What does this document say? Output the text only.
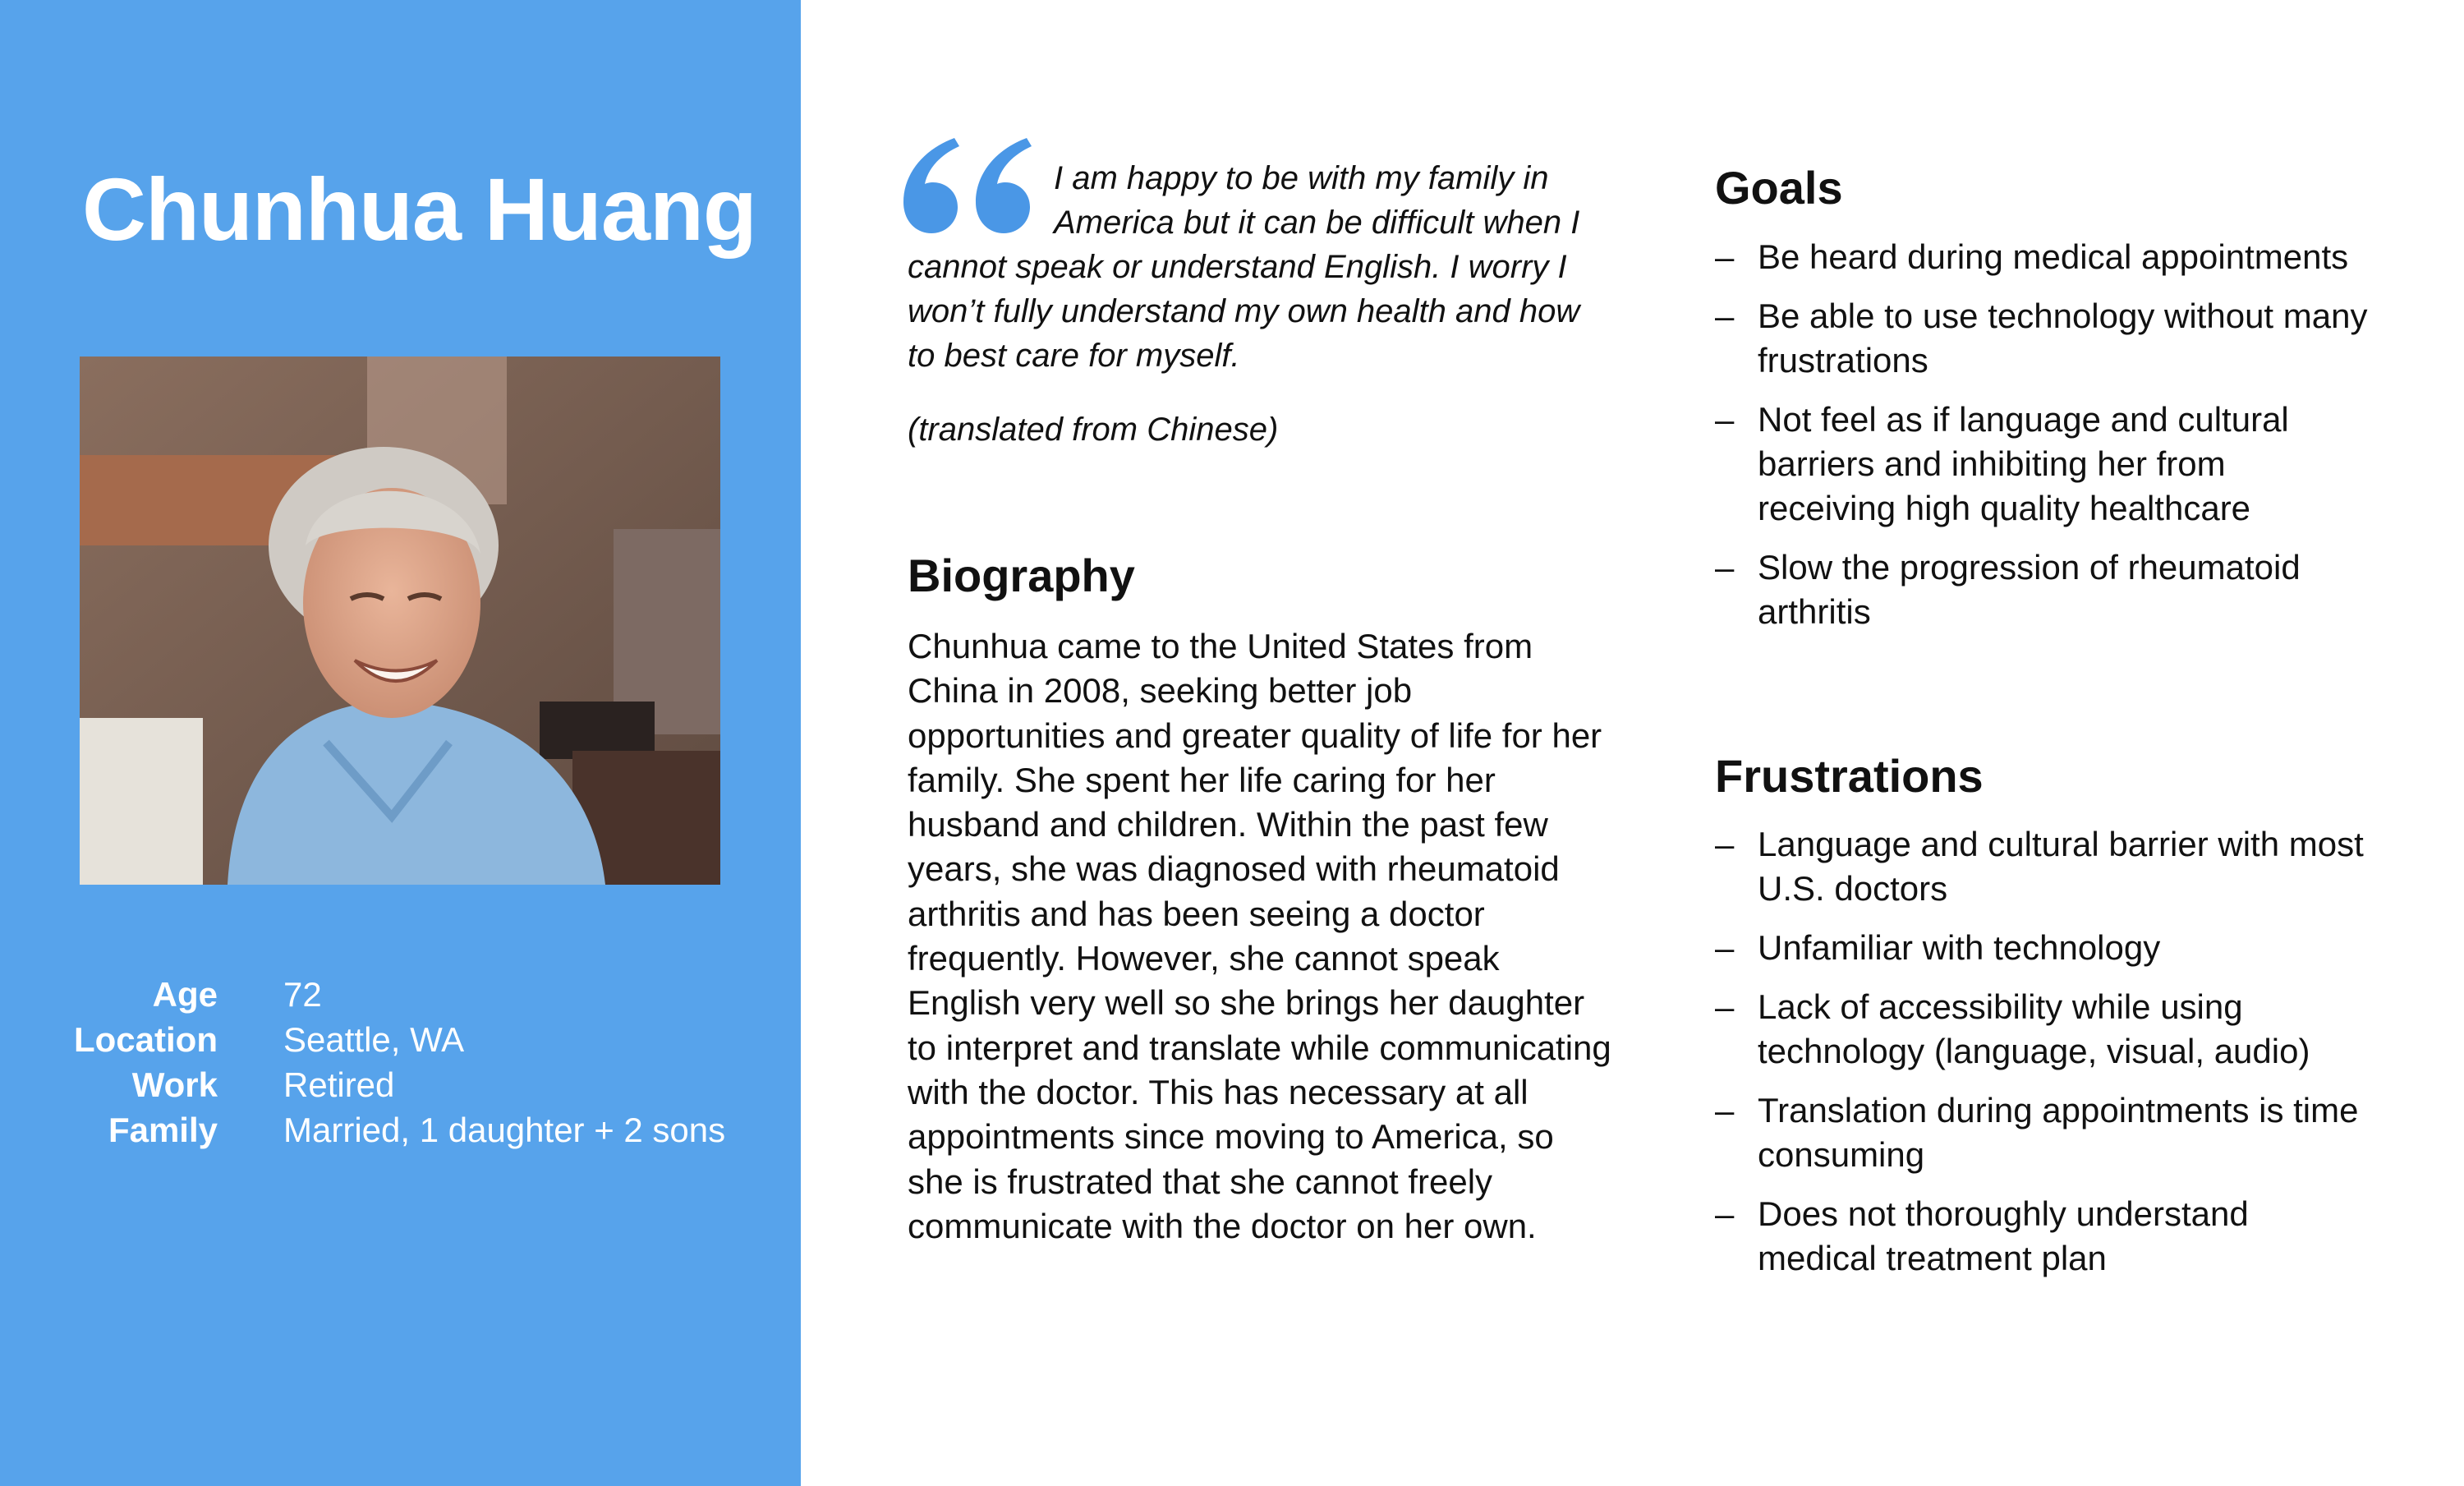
Chunhua Huang
Age 72
Location Seattle, WA
Work Retired
Family Married, 1 daughter + 2 sons

I am happy to be with my family in America but it can be difficult when I cannot speak or understand English. I worry I won’t fully understand my own health and how to best care for myself.

(translated from Chinese)

Biography

Chunhua came to the United States from China in 2008, seeking better job opportunities and greater quality of life for her family. She spent her life caring for her husband and children. Within the past few years, she was diagnosed with rheumatoid arthritis and has been seeing a doctor frequently. However, she cannot speak English very well so she brings her daughter to interpret and translate while communicating with the doctor. This has necessary at all appointments since moving to America, so she is frustrated that she cannot freely communicate with the doctor on her own.

Goals
– Be heard during medical appointments
– Be able to use technology without many frustrations
– Not feel as if language and cultural barriers and inhibiting her from receiving high quality healthcare
– Slow the progression of rheumatoid arthritis
Frustrations
– Language and cultural barrier with most U.S. doctors
– Unfamiliar with technology
– Lack of accessibility while using technology (language, visual, audio)
– Translation during appointments is time consuming
– Does not thoroughly understand medical treatment plan
